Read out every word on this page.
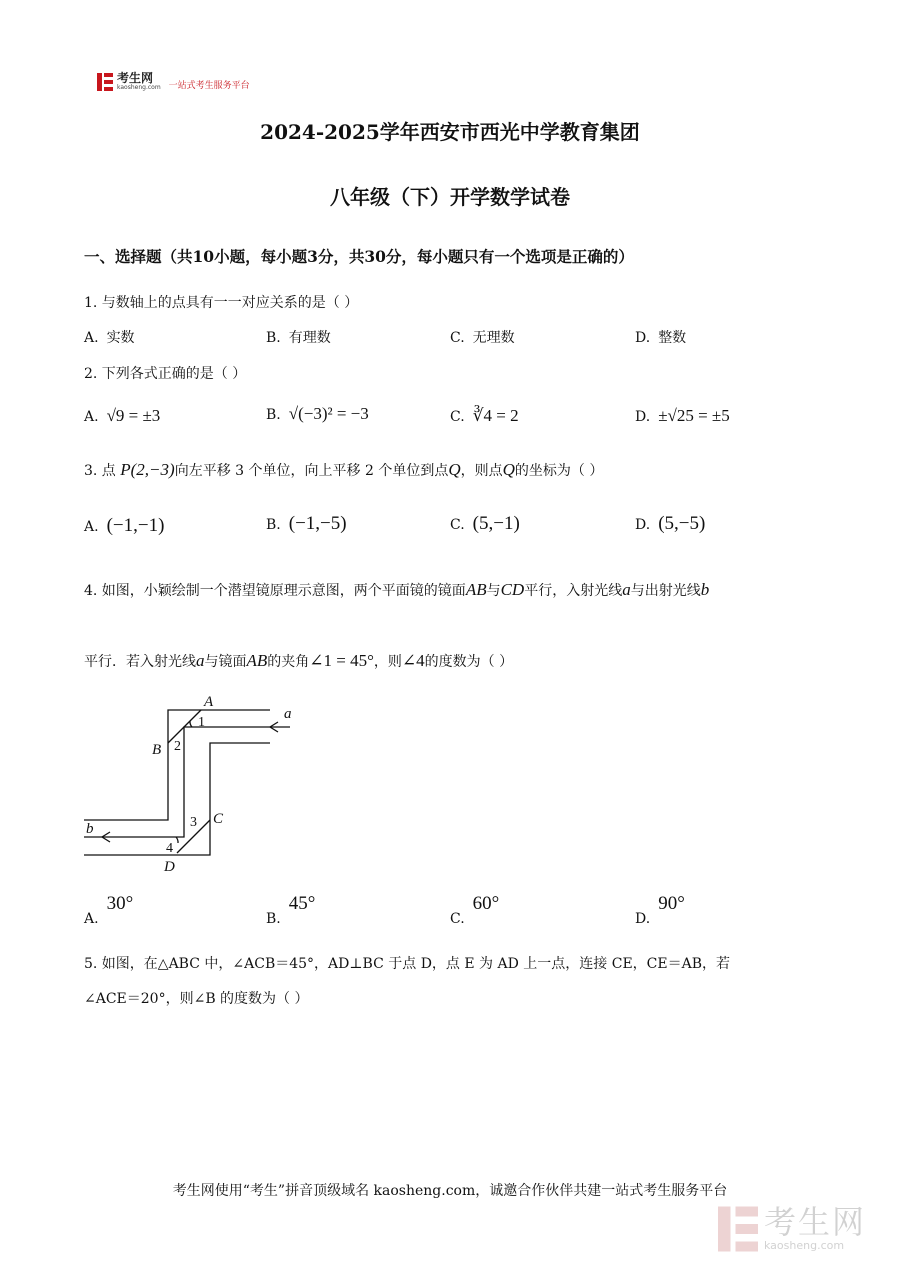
考生网
kaosheng.com 一站式考生服务平台
2024-2025学年西安市西光中学教育集团
八年级（下）开学数学试卷
一、选择题（共10小题，每小题3分，共30分，每小题只有一个选项是正确的）
1. 与数轴上的点具有一一对应关系的是（ ）
A. 实数	B. 有理数	C. 无理数	D. 整数
2. 下列各式正确的是（ ）
A. √9 = ±3	B. √(−3)² = −3	C. ∛4 = 2	D. ±√25 = ±5
3. 点 P(2,−3)向左平移 3 个单位，向上平移 2 个单位到点Q，则点Q的坐标为（ ）
A. (−1,−1)	B. (−1,−5)	C. (5,−1)	D. (5,−5)
4. 如图，小颖绘制一个潜望镜原理示意图，两个平面镜的镜面AB与CD平行，入射光线a与出射光线b
平行．若入射光线a与镜面AB的夹角∠1 = 45°，则∠4的度数为（ ）
A
B
C
D
a
b
1
2
3
4
A.30°
B.45°
C.60°
D.90°
5. 如图，在△ABC 中，∠ACB＝45°，AD⊥BC 于点 D，点 E 为 AD 上一点，连接 CE，CE＝AB，若
∠ACE＝20°，则∠B 的度数为（ ）
考生网使用“考生”拼音顶级域名 kaosheng.com，诚邀合作伙伴共建一站式考生服务平台
考生网
kaosheng.com
